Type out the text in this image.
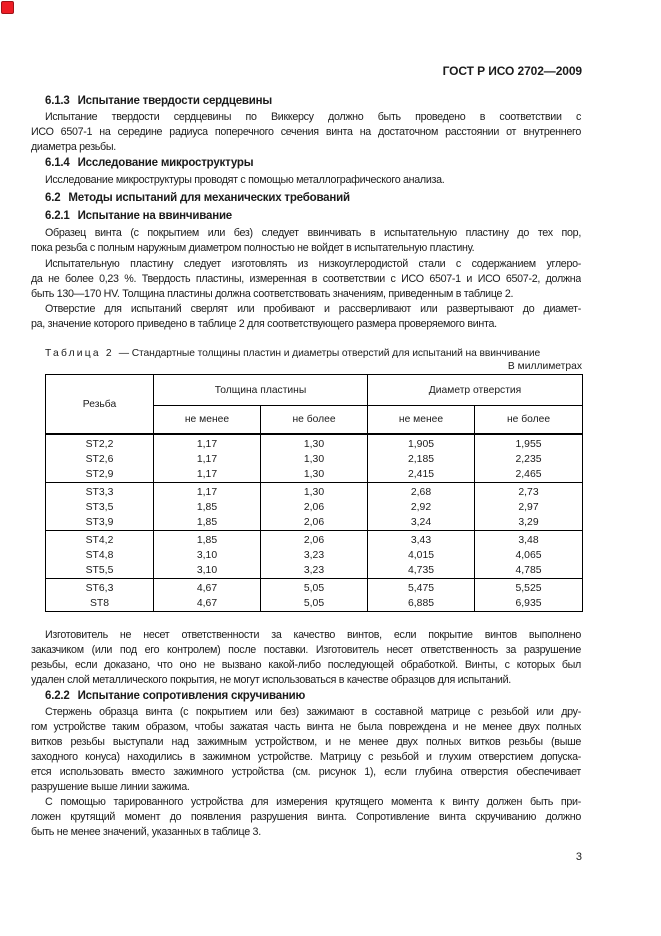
ГОСТ Р ИСО 2702—2009
6.1.3 Испытание твердости сердцевины
Испытание твердости сердцевины по Виккерсу должно быть проведено в соответствии с
ИСО 6507-1 на середине радиуса поперечного сечения винта на достаточном расстоянии от внутреннего
диаметра резьбы.
6.1.4 Исследование микроструктуры
Исследование микроструктуры проводят с помощью металлографического анализа.
6.2 Методы испытаний для механических требований
6.2.1 Испытание на ввинчивание
Образец винта (с покрытием или без) следует ввинчивать в испытательную пластину до тех пор,
пока резьба с полным наружным диаметром полностью не войдет в испытательную пластину.
Испытательную пластину следует изготовлять из низкоуглеродистой стали с содержанием углеро-
да не более 0,23 %. Твердость пластины, измеренная в соответствии с ИСО 6507-1 и ИСО 6507-2, должна
быть 130—170 HV. Толщина пластины должна соответствовать значениям, приведенным в таблице 2.
Отверстие для испытаний сверлят или пробивают и рассверливают или развертывают до диамет-
ра, значение которого приведено в таблице 2 для соответствующего размера проверяемого винта.
Таблица 2 — Стандартные толщины пластин и диаметры отверстий для испытаний на ввинчивание
В миллиметрах
Резьба	Толщина пластины		Диаметр отверстия	
	не менее	не более	не менее	не более
ST2,2	1,17	1,30	1,905	1,955
ST2,6	1,17	1,30	2,185	2,235
ST2,9	1,17	1,30	2,415	2,465
ST3,3	1,17	1,30	2,68	2,73
ST3,5	1,85	2,06	2,92	2,97
ST3,9	1,85	2,06	3,24	3,29
ST4,2	1,85	2,06	3,43	3,48
ST4,8	3,10	3,23	4,015	4,065
ST5,5	3,10	3,23	4,735	4,785
ST6,3	4,67	5,05	5,475	5,525
ST8	4,67	5,05	6,885	6,935
Изготовитель не несет ответственности за качество винтов, если покрытие винтов выполнено
заказчиком (или под его контролем) после поставки. Изготовитель несет ответственность за разрушение
резьбы, если доказано, что оно не вызвано какой-либо последующей обработкой. Винты, с которых был
удален слой металлического покрытия, не могут использоваться в качестве образцов для испытаний.
6.2.2 Испытание сопротивления скручиванию
Стержень образца винта (с покрытием или без) зажимают в составной матрице с резьбой или дру-
гом устройстве таким образом, чтобы зажатая часть винта не была повреждена и не менее двух полных
витков резьбы выступали над зажимным устройством, и не менее двух полных витков резьбы (выше
заходного конуса) находились в зажимном устройстве. Матрицу с резьбой и глухим отверстием допуска-
ется использовать вместо зажимного устройства (см. рисунок 1), если глубина отверстия обеспечивает
разрушение выше линии зажима.
С помощью тарированного устройства для измерения крутящего момента к винту должен быть при-
ложен крутящий момент до появления разрушения винта. Сопротивление винта скручиванию должно
быть не менее значений, указанных в таблице 3.
3
